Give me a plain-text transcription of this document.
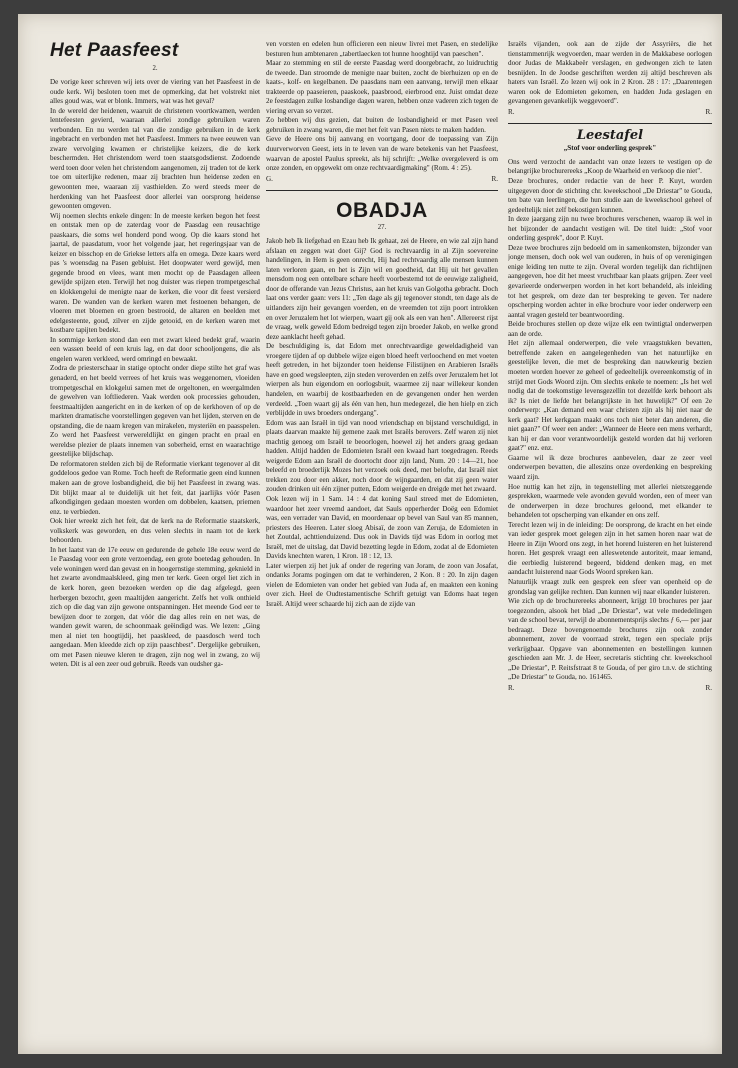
Het Paasfeest
2.

De vorige keer schreven wij iets over de viering van het Paasfeest in de oude kerk. Wij besloten toen met de opmerking, dat het volstrekt niet alles goud was, wat er blonk. Immers, wat was het geval?

In de wereld der heidenen, waaruit de christenen voortkwamen, werden lentefeesten gevierd, waaraan allerlei zondige gebruiken waren verbonden. En nu werden tal van die zondige gebruiken in de kerk ingebracht en verbonden met het Paasfeest. Immers na twee eeuwen van zware vervolging kwamen er christelijke keizers, die de kerk beschermden. Het christendom werd toen staatsgodsdienst. Zodoende werd toen door velen het christendom aangenomen, zij traden tot de kerk toe om uiterlijke redenen, maar zij brachten hun heidense zeden en gewoonten mee, waaraan zij vasthielden. Zo werd steeds meer de herdenking van het Paasfeest door allerlei van oorsprong heidense gewoonten omgeven.

Wij noemen slechts enkele dingen: In de meeste kerken begon het feest en ontstak men op de zaterdag voor de Paasdag een reusachtige paaskaars, die soms wel honderd pond woog. Op die kaars stond het jaartal, de paasdatum, voor het volgende jaar, het regeringsjaar van de keizer en bisschop en de Griekse letters alfa en omega. Deze kaars werd pas 's woensdag na Pasen gebluist. Het doopwater werd gewijd, men gegende brood en vlees, want men mocht op de Paasdagen alleen gewijde spijzen eten. Terwijl het nog duister was riepen trompetgeschal en klokkengelui de menigte naar de kerken, die voor dit feest versierd waren. De wanden van de kerken waren met festoenen behangen, de vloeren met bloemen en groen bestrooid, de altaren en beelden met edelgesteente, goud, zilver en zijde getooid, en de kerken waren met kostbare tapijten bedekt.

In sommige kerken stond dan een met zwart kleed bedekt graf, waarin een wassen beeld of een kruis lag, en dat door schooljongens, die als engelen waren verkleed, werd omringd en bewaakt.

Zodra de priesterschaar in statige optocht onder diepe stilte het graf was genaderd, en het beeld verrees of het kruis was weggenomen, vloeiden trompetgeschal en klokgelui samen met de orgeltonen, en weergalmden de gewelven van loftliederen. Vaak werden ook processies gehouden, feestmaaltijden aangericht en in de kerken of op de kerkhoven of op de markten dramatische voorstellingen gegeven van het lijden, sterven en de opstanding, die de naam kregen van mirakelen, mysteriën en paasspelen. Zo werd het Paasfeest verwereldlijkt en gingen pracht en praal en wereldse plezier de plaats innemen van soberheid, ernst en waarachtige geestelijke blijdschap.

De reformatoren stelden zich bij de Reformatie vierkant tegenover al dit goddeloos gedoe van Rome. Toch heeft de Reformatie geen eind kunnen maken aan de grove losbandigheid, die bij het Paasfeest in zwang was. Dit blijkt maar al te duidelijk uit het feit, dat jaarlijks vóór Pasen afkondigingen gedaan moesten worden om dobbelen, kaatsen, priemen enz. te verbieden.

Ook hier wreekt zich het feit, dat de kerk na de Reformatie staatskerk, volkskerk was geworden, en dus velen slechts in naam tot de kerk behoorden.

In het laatst van de 17e eeuw en gedurende de gehele 18e eeuw werd de 1e Paasdag voor een grote verzoendag, een grote boetedag gehouden. In vele woningen werd dan gevast en in hoogernstige stemming, geknield in het zwarte avondmaalskleed, ging men ter kerk. Geen orgel liet zich in de kerk horen, geen bezoeken werden op die dag afgelegd, geen herbergen bezocht, geen maaltijden aangericht. Zelfs het volk onthield zich op die dag van zijn gewone ontspanningen. Het meende God eer te bewijzen door te zorgen, dat vóór die dag alles rein en net was, de wanden gewit waren, de schoonmaak geëindigd was. We lezen: „Ging men al niet ten hoogtijdij, het paaskleed, de paasdosch werd toch aangedaan. Men kleedde zich op zijn paaschbest". Dergelijke gebruiken, om met Pasen nieuwe kleren te dragen, zijn nog wel in zwang, zo wij weten. Dit is al een zeer oud gebruik. Reeds van oudsher ga-

ven vorsten en edelen hun officieren een nieuw livrei met Pasen, en stedelijke besturen hun ambtenaren „tabertlaecken tot hunne hooghtijd van paeschen".

Maar zo stemming en stil de eerste Paasdag werd doorgebracht, zo luidruchtig de tweede. Dan stroomde de menigte naar buiten, zocht de bierhuizen op en de kaats-, kolf- en kegelbanen. De paasdans nam een aanvang, terwijl men elkaar trakteerde op paaseieren, paaskoek, paasbrood, eierbrood enz. Juist omdat deze 2e feestdagen zulke losbandige dagen waren, hebben onze vaderen zich tegen de viering ervan so verzet.

Zo hebben wij dus gezien, dat buiten de losbandigheid er met Pasen veel gebruiken in zwang waren, die met het feit van Pasen niets te maken hadden.

Geve de Heere ons bij aanvang en voortgang, door de toepassing van Zijn duurverworven Geest, iets in te leven van de ware betekenis van het Paasfeest, waarvan de apostel Paulus spreekt, als hij schrijft: „Welke overgeleverd is om onze zonden, en opgewekt om onze rechtvaardigmaking" (Rom. 4 : 25).

G.	R.
OBADJA
27.

Jakob heb Ik liefgehad en Ezau heb Ik gehaat, zei de Heere, en wie zal zijn hand afslaan en zeggen wat doet Gij? God is rechtvaardig in al Zijn soevereine handelingen, in Hem is geen onrecht, Hij had rechtvaardig alle mensen kunnen laten verloren gaan, en het is Zijn wil en goedheid, dat Hij uit het gevallen mensdom nog een ontelbare schare heeft voorbestemd tot de eeuwige zaligheid, door de offerande van Jezus Christus, aan het kruis van Golgotha gebracht. Doch laat ons verder gaan: vers 11: „Ten dage als gij tegenover stondt, ten dage als de uitlanders zijn heir gevangen voerden, en de vreemden tot zijn poort introkken en over Jeruzalem het lot wierpen, waart gij ook als een van hen". Allereerst rijst de vraag, welk geweld Edom bedreigd tegen zijn broeder Jakob, en welke grond deze aanklacht heeft gehad.

De beschuldiging is, dat Edom met onrechtvaardige geweldadigheid van vroegere tijden af op dubbele wijze eigen bloed heeft verloochend en met voeten heeft getreden, in het bijzonder toen heidense Filistijnen en Arabieren Israëls have en goed wegsleepten, zijn steden veroverden en zelfs over Jeruzalem het lot wierpen als hun eigendom en oorlogsbuit, waarmee zij naar willekeur konden handelen, en waarbij de kostbaarheden en de gevangenen onder hen werden verdeeld. „Toen waart gij als één van hen, hun medegezel, die hen hielp en zich verblijdde in uws broeders ondergang".

Edom was aan Israël in tijd van nood vriendschap en bijstand verschuldigd, in plaats daarvan maakte hij gemene zaak met Israëls berovers. Zelf waren zij niet machtig genoeg om Israël te beoorlogen, hoewel zij het anders graag gedaan hadden. Altijd hadden de Edomieten Israël een kwaad hart toegedragen. Reeds weigerde Edom aan Israël de doortocht door zijn land, Num. 20 : 14—21, hoe beleefd en broederlijk Mozes het verzoek ook deed, met belofte, dat Israël niet trekken zou door een akker, noch door de wijngaarden, en dat zij geen water zouden drinken uit één zijner putten, Edom weigerde en dreigde met het zwaard.

Ook lezen wij in 1 Sam. 14 : 4 dat koning Saul streed met de Edomieten, waardoor het zeer vreemd aandoet, dat Sauls opperherder Doëg een Edomiet was, een verrader van David, en moordenaar op bevel van Saul van 85 mannen, priesters des Heeren. Later sloeg Abisaï, de zoon van Zeruja, de Edomieten in het Zoutdal, achttienduizend. Dus ook in Davids tijd was Edom in oorlog met Israël, met de uitslag, dat David bezetting legde in Edom, zodat al de Edomieten Davids knechten waren, 1 Kron. 18 : 12, 13.

Later wierpen zij het juk af onder de regering van Joram, de zoon van Josafat, ondanks Jorams pogingen om dat te verhinderen, 2 Kon. 8 : 20. In zijn dagen vielen de Edomieten van onder het gebied van Juda af, en maakten een koning over zich. Heel de Oudtestamentische Schrift getuigt van Edoms haat tegen Israël. Altijd weer schaarde hij zich aan de zijde van

Israëls vijanden, ook aan de zijde der Assyriërs, die het tienstammenrijk wegvoerden, maar werden in de Makkabese oorlogen door Judas de Makkabeër verslagen, en gedwongen zich te laten besnijden. In de Joodse geschriften werden zij altijd beschreven als haters van Israël. Zo lezen wij ook in 2 Kron. 28 : 17: „Daarentegen waren ook de Edomieten gekomen, en hadden Juda geslagen en gevangenen gevankelijk weggevoerd".

R.	R.
Leestafel
„Stof voor onderling gesprek"

Ons werd verzocht de aandacht van onze lezers te vestigen op de belangrijke brochurereeks „Koop de Waarheid en verkoop die niet".

Deze brochures, onder redactie van de heer P. Kuyt, worden uitgegeven door de stichting chr. kweekschool „De Driestar" te Gouda, ten bate van leerlingen, die hun studie aan de kweekschool geheel of gedeeltelijk niet zelf bekostigen kunnen.

In deze jaargang zijn nu twee brochures verschenen, waarop ik wel in het bijzonder de aandacht vestigen wil. De titel luidt: „Stof voor onderling gesprek", door P. Kuyt.

Deze twee brochures zijn bedoeld om in samenkomsten, bijzonder van jonge mensen, doch ook wel van ouderen, in huis of op verenigingen enige leiding ten nutte te zijn. Overal worden tegelijk dan richtlijnen aangegeven, hoe dit het meest vruchtbaar kan plaats grijpen. Zeer veel gevarieerde onderwerpen worden in het kort behandeld, als inleiding tot het gesprek, om deze dan ter bespreking te geven. Ter nadere opscherping worden achter in elke brochure voor ieder onderwerp een aantal vragen gesteld ter beantwoording.

Beide brochures stellen op deze wijze elk een twintigtal onderwerpen aan de orde.

Het zijn allemaal onderwerpen, die vele vraagstukken bevatten, betreffende zaken en aangelegenheden van het natuurlijke en geestelijke leven, die met de bespreking dan nauwkeurig bezien moeten worden hoever ze geheel of gedeeltelijk overeenkomstig of in strijd met Gods Woord zijn. Om slechts enkele te noemen: „Is het wel nodig dat de toekomstige levensgezellin tot dezelfde kerk behoort als ik? Is niet de liefde het belangrijkste in het huwelijk?" Of een 2e onderwerp: „Kan demand een waar christen zijn als hij niet naar de kerk gaat? Het kerkgaan maakt ons toch niet beter dan anderen, die niet gaan?" Of weer een ander: „Wanneer de Heere een mens verhardt, kan hij er dan voor verantwoordelijk gesteld worden dat hij verloren gaat?" enz. enz.

Gaarne wil ik deze brochures aanbevelen, daar ze zeer veel onderwerpen bevatten, die alleszins onze overdenking en bespreking waard zijn.

Hoe nuttig kan het zijn, in tegenstelling met allerlei nietszeggende gesprekken, waarmede vele avonden gevuld worden, een of meer van de onderwerpen in deze brochures geloond, met elkander te behandelen tot opscherping van elkander en ons zelf.

Terecht lezen wij in de inleiding: De oorsprong, de kracht en het einde van ieder gesprek moet gelegen zijn in het samen horen naar wat de Heere in Zijn Woord ons zegt, in het horend luisteren en het luisterend horen. Het gesprek vraagt een alleswetende autoriteit, maar iemand, die eerbiedig luisterend begeerd, biddend denken mag, en met aandacht luisterend naar Gods Woord spreken kan.

Natuurlijk vraagt zulk een gesprek een sfeer van openheid op de grondslag van gelijke rechten. Dan kunnen wij naar elkander luisteren.

Wie zich op de brochurereeks abonneert, krijgt 10 brochures per jaar toegezonden, alsook het blad „De Driestar", wat vele mededelingen van de school bevat, terwijl de abonnementsprijs slechts ƒ 6,— per jaar bedraagt. Deze bovengenoemde brochures zijn ook zonder abonnement, zover de voorraad strekt, tegen een speciale prijs verkrijgbaar. Opgave van abonnementen en bestellingen kunnen geschieden aan Mr. J. de Heer, secretaris stichting chr. kweekschool „De Driestar", P. Reitsfstraat 8 te Gouda, of per giro t.n.v. de stichting „De Driestar" te Gouda, no. 161465.

R.	R.
